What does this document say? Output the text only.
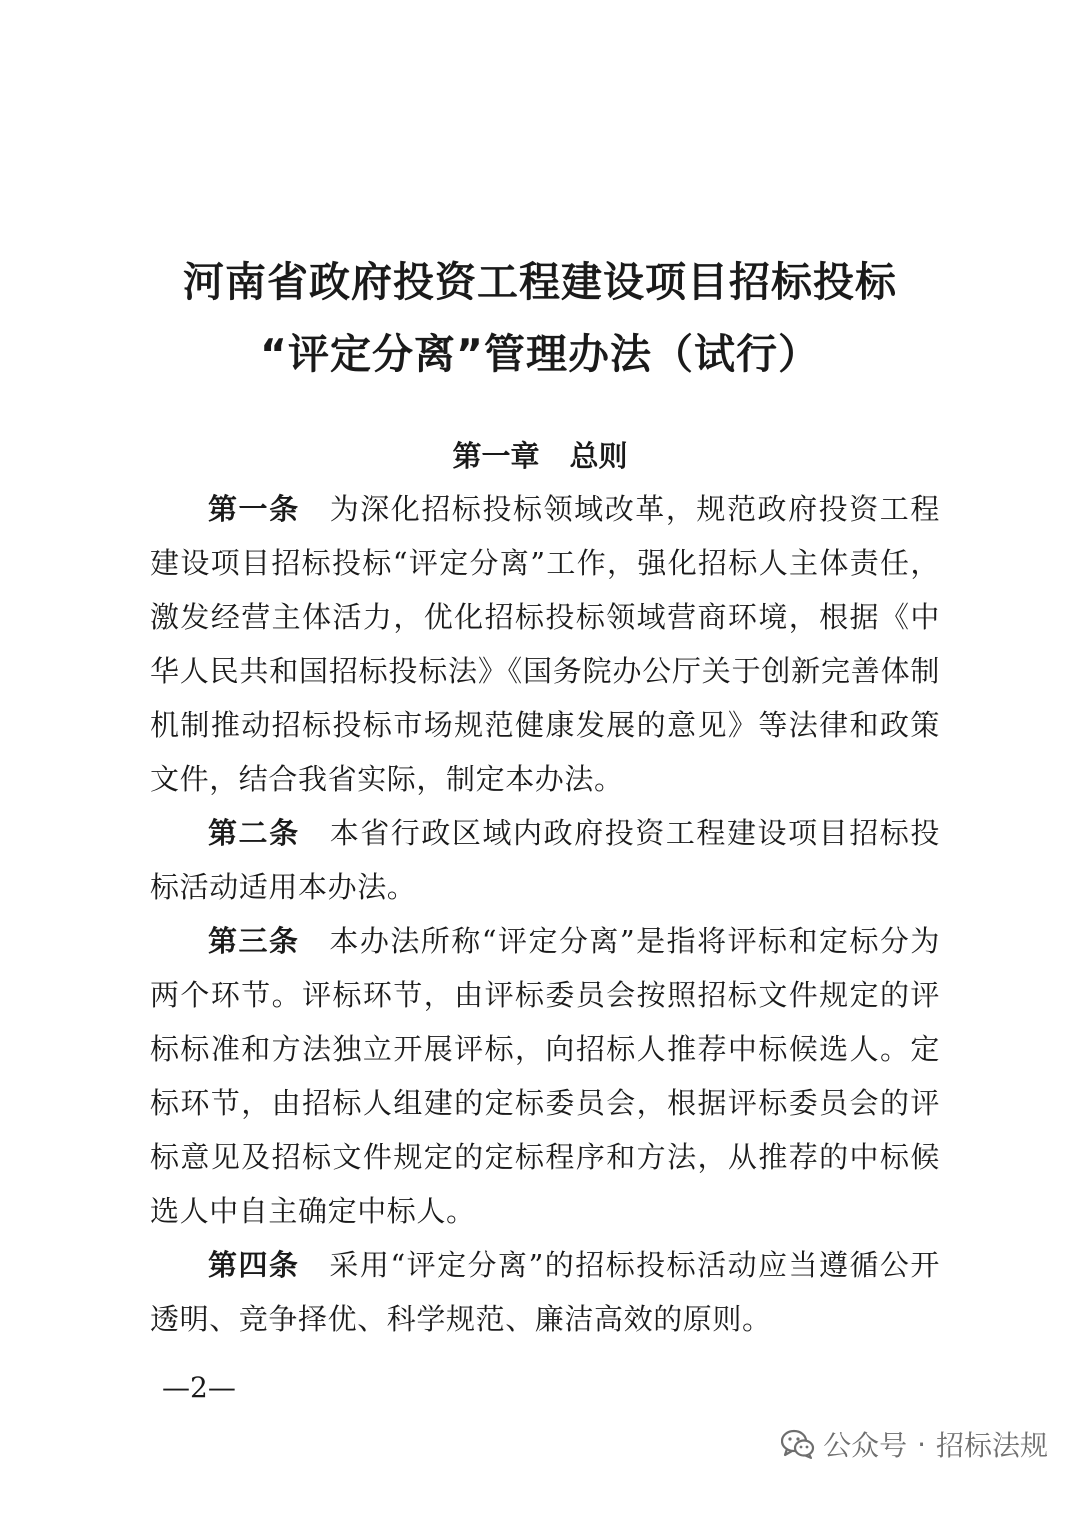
河南省政府投资工程建设项目招标投标
“评定分离”管理办法（试行）
第一章 总则

第一条 为深化招标投标领域改革，规范政府投资工程建设项目招标投标“评定分离”工作，强化招标人主体责任，激发经营主体活力，优化招标投标领域营商环境，根据《中华人民共和国招标投标法》《国务院办公厅关于创新完善体制机制推动招标投标市场规范健康发展的意见》等法律和政策文件，结合我省实际，制定本办法。

第二条 本省行政区域内政府投资工程建设项目招标投标活动适用本办法。

第三条 本办法所称“评定分离”是指将评标和定标分为两个环节。评标环节，由评标委员会按照招标文件规定的评标标准和方法独立开展评标，向招标人推荐中标候选人。定标环节，由招标人组建的定标委员会，根据评标委员会的评标意见及招标文件规定的定标程序和方法，从推荐的中标候选人中自主确定中标人。

第四条 采用“评定分离”的招标投标活动应当遵循公开透明、竞争择优、科学规范、廉洁高效的原则。

—2—
公众号 · 招标法规
